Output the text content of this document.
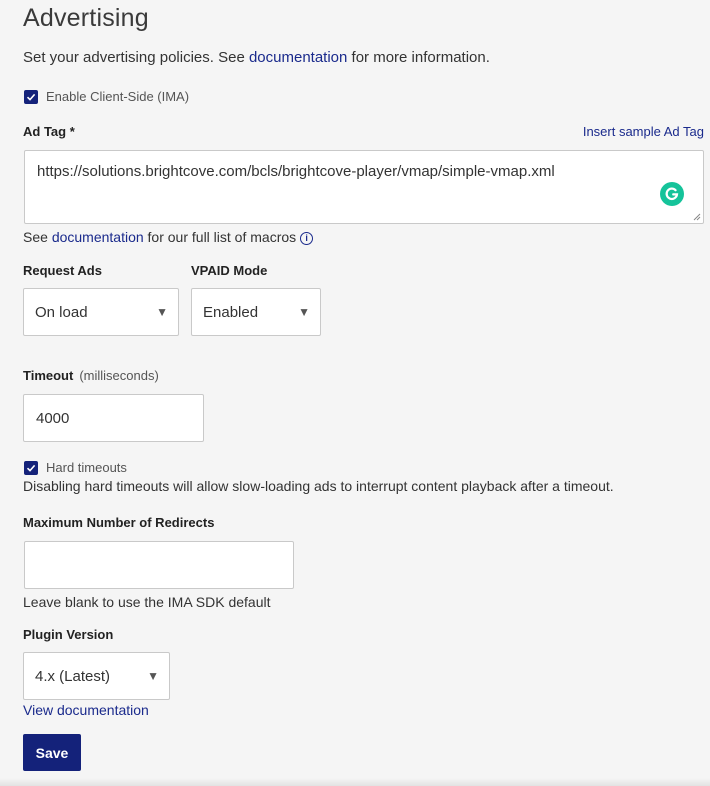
Advertising
Set your advertising policies. See documentation for more information.
Enable Client-Side (IMA)
Ad Tag *	Insert sample Ad Tag
https://solutions.brightcove.com/bcls/brightcove-player/vmap/simple-vmap.xml
See documentation for our full list of macros i
Request Ads
On load	▼
VPAID Mode
Enabled	▼
Timeout (milliseconds)
4000
Hard timeouts
Disabling hard timeouts will allow slow-loading ads to interrupt content playback after a timeout.
Maximum Number of Redirects
Leave blank to use the IMA SDK default
Plugin Version
4.x (Latest)	▼
View documentation
Save
